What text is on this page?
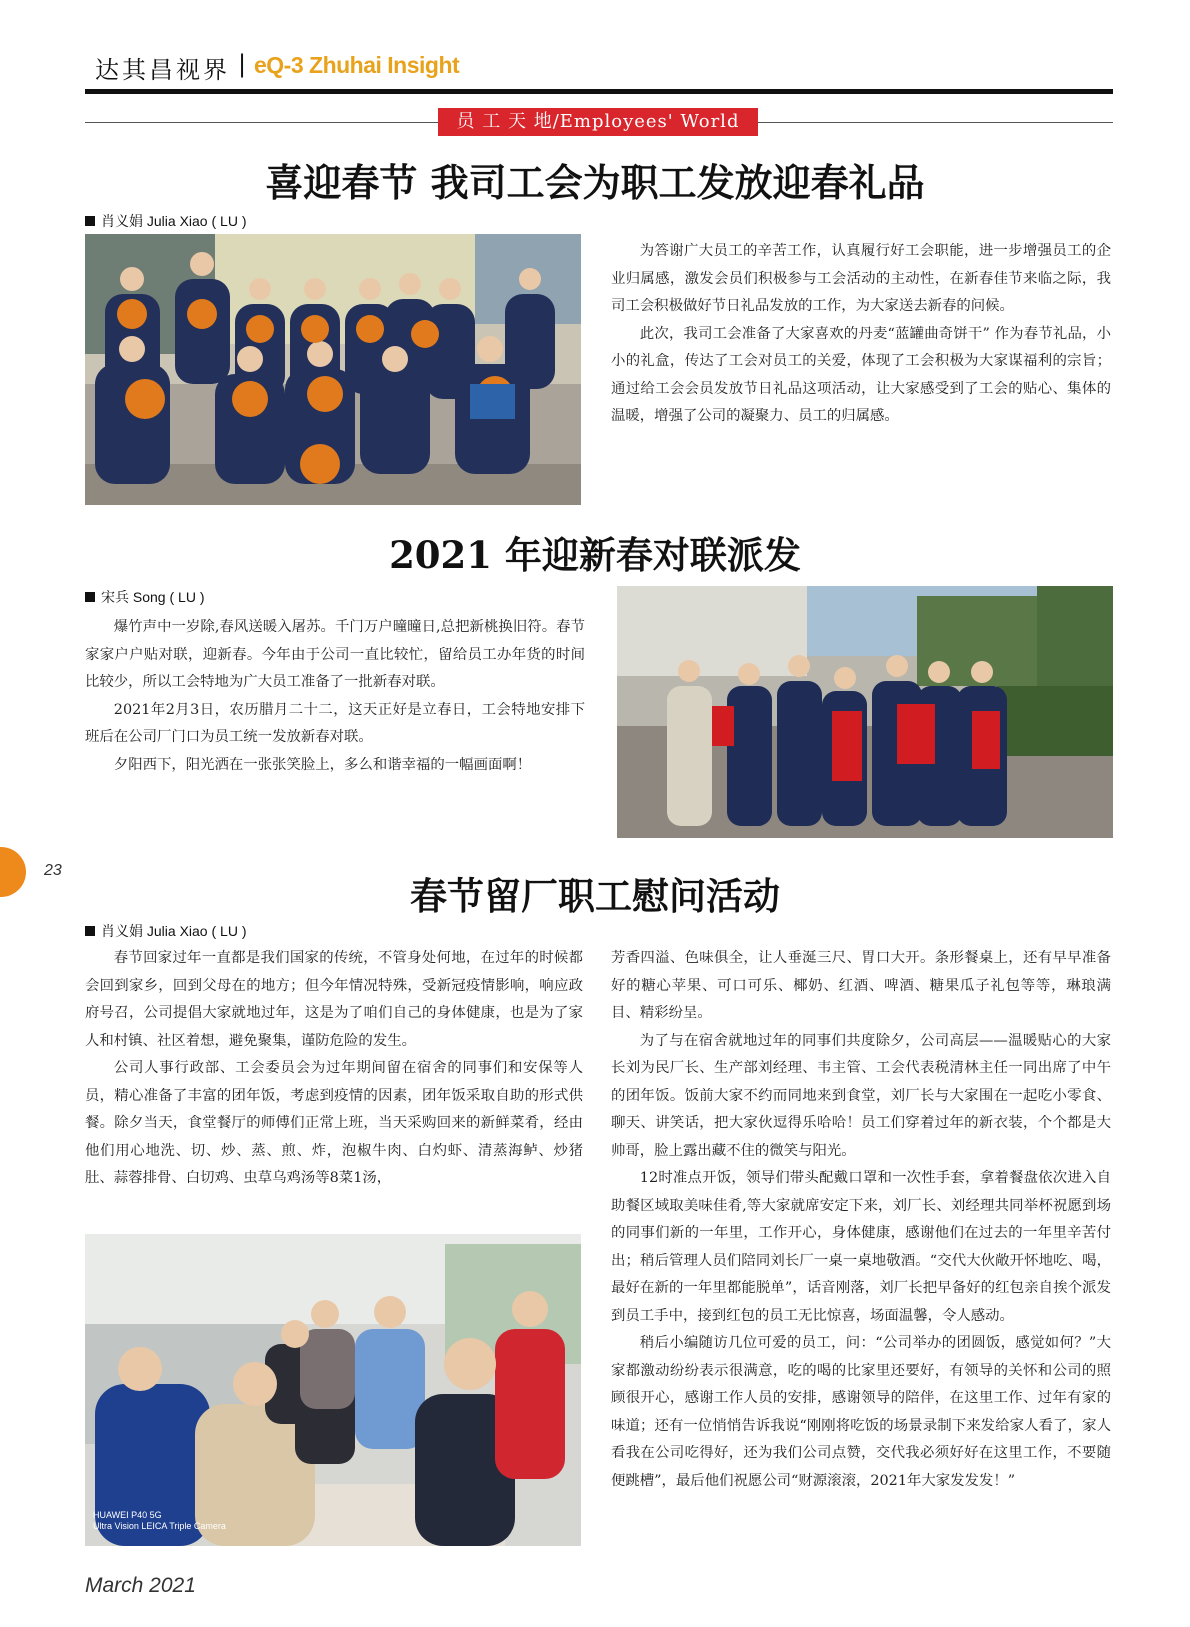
达其昌视界 | eQ-3 Zhuhai Insight
员 工 天 地/Employees' World
喜迎春节 我司工会为职工发放迎春礼品
肖义娟 Julia Xiao ( LU )

为答谢广大员工的辛苦工作，认真履行好工会职能，进一步增强员工的企业归属感，激发会员们积极参与工会活动的主动性，在新春佳节来临之际，我司工会积极做好节日礼品发放的工作，为大家送去新春的问候。

此次，我司工会准备了大家喜欢的丹麦“蓝罐曲奇饼干” 作为春节礼品，小小的礼盒，传达了工会对员工的关爱，体现了工会积极为大家谋福利的宗旨；通过给工会会员发放节日礼品这项活动，让大家感受到了工会的贴心、集体的温暖，增强了公司的凝聚力、员工的归属感。

2021 年迎新春对联派发
宋兵 Song ( LU )

爆竹声中一岁除,春风送暖入屠苏。千门万户曈曈日,总把新桃换旧符。春节家家户户贴对联，迎新春。今年由于公司一直比较忙，留给员工办年货的时间比较少，所以工会特地为广大员工准备了一批新春对联。

2021年2月3日，农历腊月二十二，这天正好是立春日，工会特地安排下班后在公司厂门口为员工统一发放新春对联。

夕阳西下，阳光洒在一张张笑脸上，多么和谐幸福的一幅画面啊！

23
春节留厂职工慰问活动
肖义娟 Julia Xiao ( LU )

春节回家过年一直都是我们国家的传统，不管身处何地，在过年的时候都会回到家乡，回到父母在的地方；但今年情况特殊，受新冠疫情影响，响应政府号召，公司提倡大家就地过年，这是为了咱们自己的身体健康，也是为了家人和村镇、社区着想，避免聚集，谨防危险的发生。

公司人事行政部、工会委员会为过年期间留在宿舍的同事们和安保等人员，精心准备了丰富的团年饭，考虑到疫情的因素，团年饭采取自助的形式供餐。除夕当天，食堂餐厅的师傅们正常上班，当天采购回来的新鲜菜肴，经由他们用心地洗、切、炒、蒸、煎、炸，泡椒牛肉、白灼虾、清蒸海鲈、炒猪肚、蒜蓉排骨、白切鸡、虫草乌鸡汤等8菜1汤，

HUAWEI P40 5G
Ultra Vision LEICA Triple Camera

芳香四溢、色味俱全，让人垂涎三尺、胃口大开。条形餐桌上，还有早早准备好的糖心苹果、可口可乐、椰奶、红酒、啤酒、糖果瓜子礼包等等，琳琅满目、精彩纷呈。

为了与在宿舍就地过年的同事们共度除夕，公司高层——温暖贴心的大家长刘为民厂长、生产部刘经理、韦主管、工会代表税清林主任一同出席了中午的团年饭。饭前大家不约而同地来到食堂，刘厂长与大家围在一起吃小零食、聊天、讲笑话，把大家伙逗得乐哈哈！员工们穿着过年的新衣装，个个都是大帅哥，脸上露出藏不住的微笑与阳光。

12时准点开饭，领导们带头配戴口罩和一次性手套，拿着餐盘依次进入自助餐区域取美味佳肴,等大家就席安定下来，刘厂长、刘经理共同举杯祝愿到场的同事们新的一年里，工作开心，身体健康，感谢他们在过去的一年里辛苦付出；稍后管理人员们陪同刘长厂一桌一桌地敬酒。“交代大伙敞开怀地吃、喝，最好在新的一年里都能脱单”，话音刚落，刘厂长把早备好的红包亲自挨个派发到员工手中，接到红包的员工无比惊喜，场面温馨，令人感动。

稍后小编随访几位可爱的员工，问：“公司举办的团圆饭，感觉如何？”大家都激动纷纷表示很满意，吃的喝的比家里还要好，有领导的关怀和公司的照顾很开心，感谢工作人员的安排，感谢领导的陪伴，在这里工作、过年有家的味道；还有一位悄悄告诉我说“刚刚将吃饭的场景录制下来发给家人看了，家人看我在公司吃得好，还为我们公司点赞，交代我必须好好在这里工作，不要随便跳槽”，最后他们祝愿公司“财源滚滚，2021年大家发发发！”

March 2021
